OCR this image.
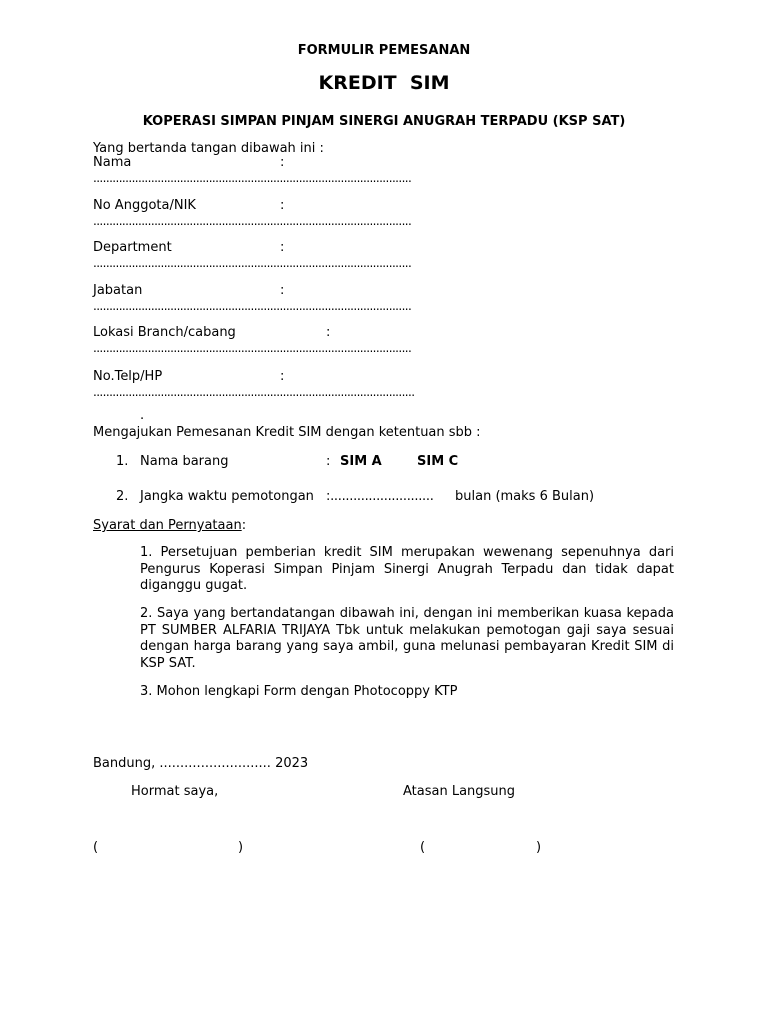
FORMULIR PEMESANAN
KREDIT  SIM
KOPERASI SIMPAN PINJAM SINERGI ANUGRAH TERPADU (KSP SAT)
Yang bertanda tangan dibawah ini :
Nama	:
...................................................................................................
No Anggota/NIK	:
...................................................................................................
Department	:
...................................................................................................
Jabatan	:
...................................................................................................
Lokasi Branch/cabang	:
...................................................................................................
No.Telp/HP	:
....................................................................................................
.
Mengajukan Pemesanan Kredit SIM dengan ketentuan sbb :
1. Nama barang	: SIM A	SIM C
2. Jangka waktu pemotongan :........................... bulan (maks 6 Bulan)
Syarat dan Pernyataan:
1. Persetujuan pemberian kredit SIM merupakan wewenang sepenuhnya dari Pengurus Koperasi Simpan Pinjam Sinergi Anugrah Terpadu dan tidak dapat diganggu gugat.
2. Saya yang bertandatangan dibawah ini, dengan ini memberikan kuasa kepada PT SUMBER ALFARIA TRIJAYA Tbk untuk melakukan pemotogan gaji saya sesuai dengan harga barang yang saya ambil, guna melunasi pembayaran Kredit SIM di KSP SAT.
3. Mohon lengkapi Form dengan Photocoppy KTP
Bandung, ........................... 2023
Hormat saya,	Atasan Langsung
(	)	(	)
